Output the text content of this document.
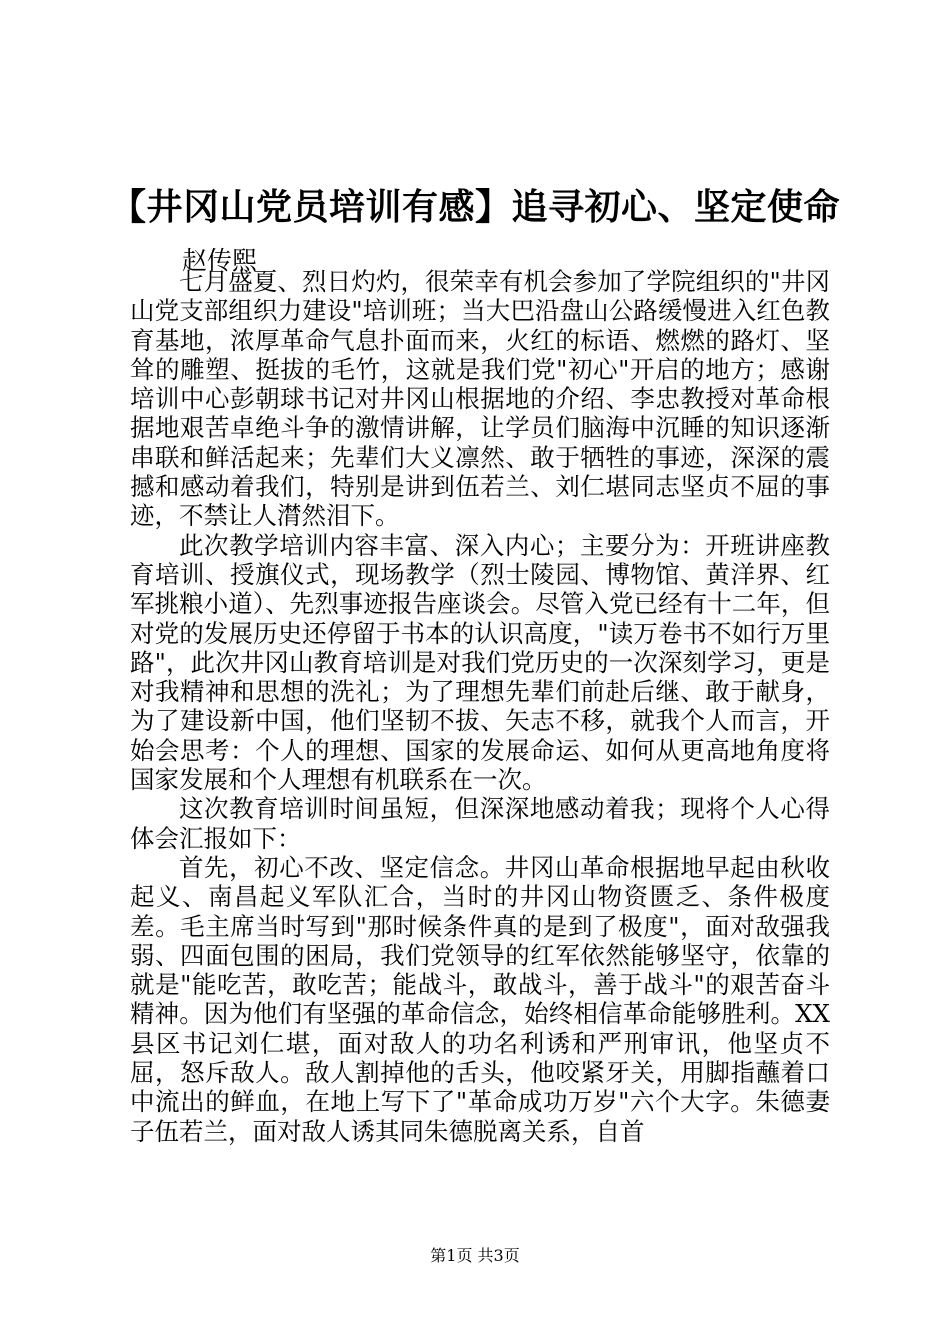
【井冈山党员培训有感】追寻初心、坚定使命
赵传熙

七月盛夏、烈日灼灼，很荣幸有机会参加了学院组织的"井冈山党支部组织力建设"培训班；当大巴沿盘山公路缓慢进入红色教育基地，浓厚革命气息扑面而来，火红的标语、燃燃的路灯、坚耸的雕塑、挺拔的毛竹，这就是我们党"初心"开启的地方；感谢培训中心彭朝球书记对井冈山根据地的介绍、李忠教授对革命根据地艰苦卓绝斗争的激情讲解，让学员们脑海中沉睡的知识逐渐串联和鲜活起来；先辈们大义凛然、敢于牺牲的事迹，深深的震撼和感动着我们，特别是讲到伍若兰、刘仁堪同志坚贞不屈的事迹，不禁让人潸然泪下。

此次教学培训内容丰富、深入内心；主要分为：开班讲座教育培训、授旗仪式，现场教学（烈士陵园、博物馆、黄洋界、红军挑粮小道）、先烈事迹报告座谈会。尽管入党已经有十二年，但对党的发展历史还停留于书本的认识高度，"读万卷书不如行万里路"，此次井冈山教育培训是对我们党历史的一次深刻学习，更是对我精神和思想的洗礼；为了理想先辈们前赴后继、敢于献身，为了建设新中国，他们坚韧不拔、矢志不移，就我个人而言，开始会思考：个人的理想、国家的发展命运、如何从更高地角度将国家发展和个人理想有机联系在一次。

这次教育培训时间虽短，但深深地感动着我；现将个人心得体会汇报如下：

首先，初心不改、坚定信念。井冈山革命根据地早起由秋收起义、南昌起义军队汇合，当时的井冈山物资匮乏、条件极度差。毛主席当时写到"那时候条件真的是到了极度"，面对敌强我弱、四面包围的困局，我们党领导的红军依然能够坚守，依靠的就是"能吃苦，敢吃苦；能战斗，敢战斗，善于战斗"的艰苦奋斗精神。因为他们有坚强的革命信念，始终相信革命能够胜利。XX县区书记刘仁堪，面对敌人的功名利诱和严刑审讯，他坚贞不屈，怒斥敌人。敌人割掉他的舌头，他咬紧牙关，用脚指蘸着口中流出的鲜血，在地上写下了"革命成功万岁"六个大字。朱德妻子伍若兰，面对敌人诱其同朱德脱离关系，自首

第1页 共3页
